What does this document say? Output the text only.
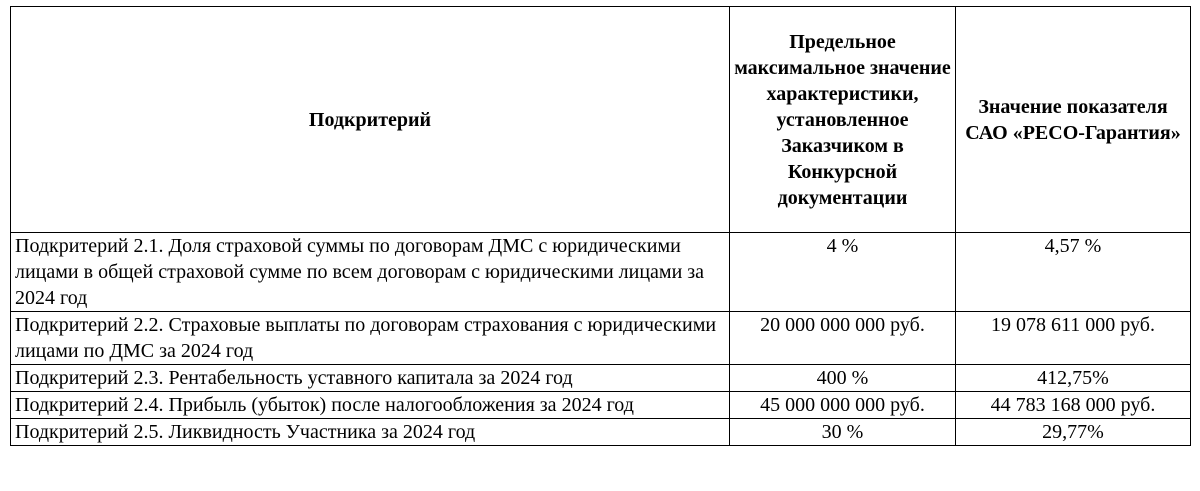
Подкритерий	Предельное максимальное значение характеристики, установленное Заказчиком в Конкурсной документации	Значение показателя САО «РЕСО-Гарантия»
Подкритерий 2.1. Доля страховой суммы по договорам ДМС с юридическими лицами в общей страховой сумме по всем договорам с юридическими лицами за 2024 год	4 %	4,57 %
Подкритерий 2.2. Страховые выплаты по договорам страхования с юридическими лицами по ДМС за 2024 год	20 000 000 000 руб.	19 078 611 000 руб.
Подкритерий 2.3. Рентабельность уставного капитала за 2024 год	400 %	412,75%
Подкритерий 2.4. Прибыль (убыток) после налогообложения за 2024 год	45 000 000 000 руб.	44 783 168 000 руб.
Подкритерий 2.5. Ликвидность Участника за 2024 год	30 %	29,77%
